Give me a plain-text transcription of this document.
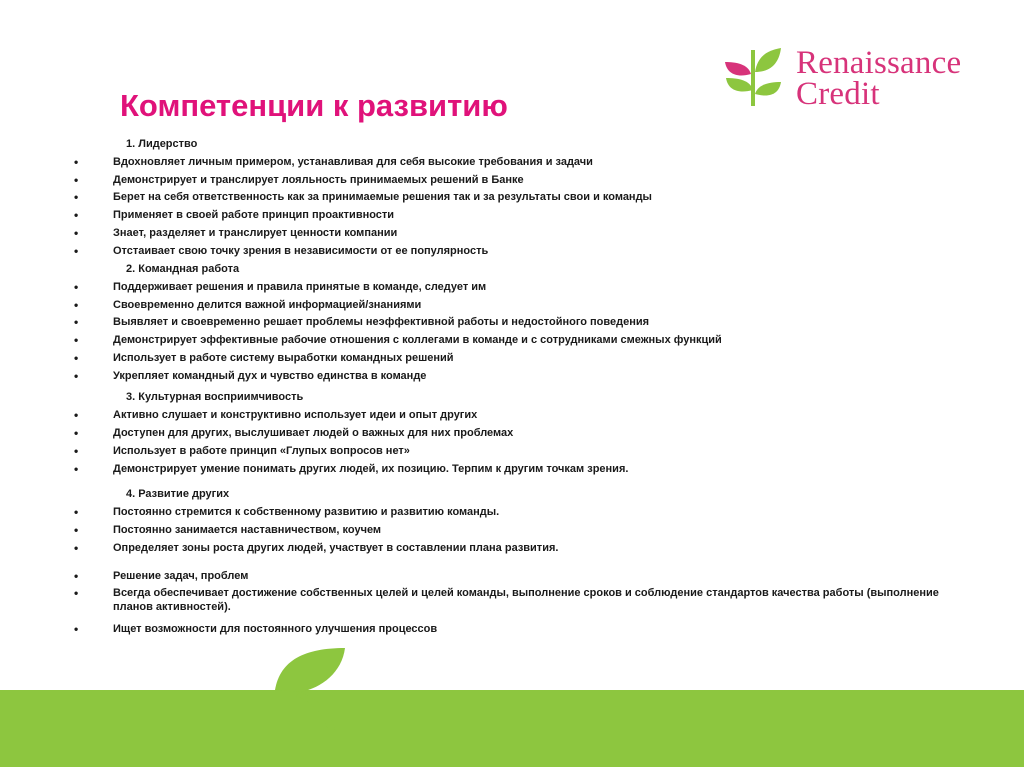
Renaissance
Credit
Компетенции к развитию
1. Лидерство
•	Вдохновляет личным примером, устанавливая для себя высокие требования и задачи
•	Демонстрирует и транслирует лояльность принимаемых решений в Банке
•	Берет на себя ответственность как за принимаемые решения так и за результаты свои и команды
•	Применяет в своей работе принцип проактивности
•	Знает, разделяет и транслирует ценности компании
•	Отстаивает свою точку зрения в независимости от ее популярность
2. Командная работа
•	Поддерживает решения и правила принятые в команде, следует им
•	Своевременно делится важной информацией/знаниями
•	Выявляет и своевременно решает проблемы неэффективной работы и недостойного поведения
•	Демонстрирует эффективные рабочие отношения с коллегами в команде и с сотрудниками смежных функций
•	Использует в работе систему выработки командных решений
•	Укрепляет командный дух и чувство единства в команде
3. Культурная восприимчивость
•	Активно слушает и конструктивно использует идеи и опыт других
•	Доступен для других, выслушивает людей о важных для них проблемах
•	Использует в работе принцип «Глупых вопросов нет»
•	Демонстрирует умение понимать других людей, их позицию. Терпим к другим точкам зрения.
4. Развитие других
•	Постоянно стремится к собственному развитию и развитию команды.
•	Постоянно занимается наставничеством, коучем
•	Определяет зоны роста других людей, участвует в составлении плана развития.
•	Решение задач, проблем
•	Всегда обеспечивает достижение собственных целей и целей команды, выполнение сроков и соблюдение стандартов качества работы (выполнение планов активностей).
•	Ищет возможности для постоянного улучшения процессов
